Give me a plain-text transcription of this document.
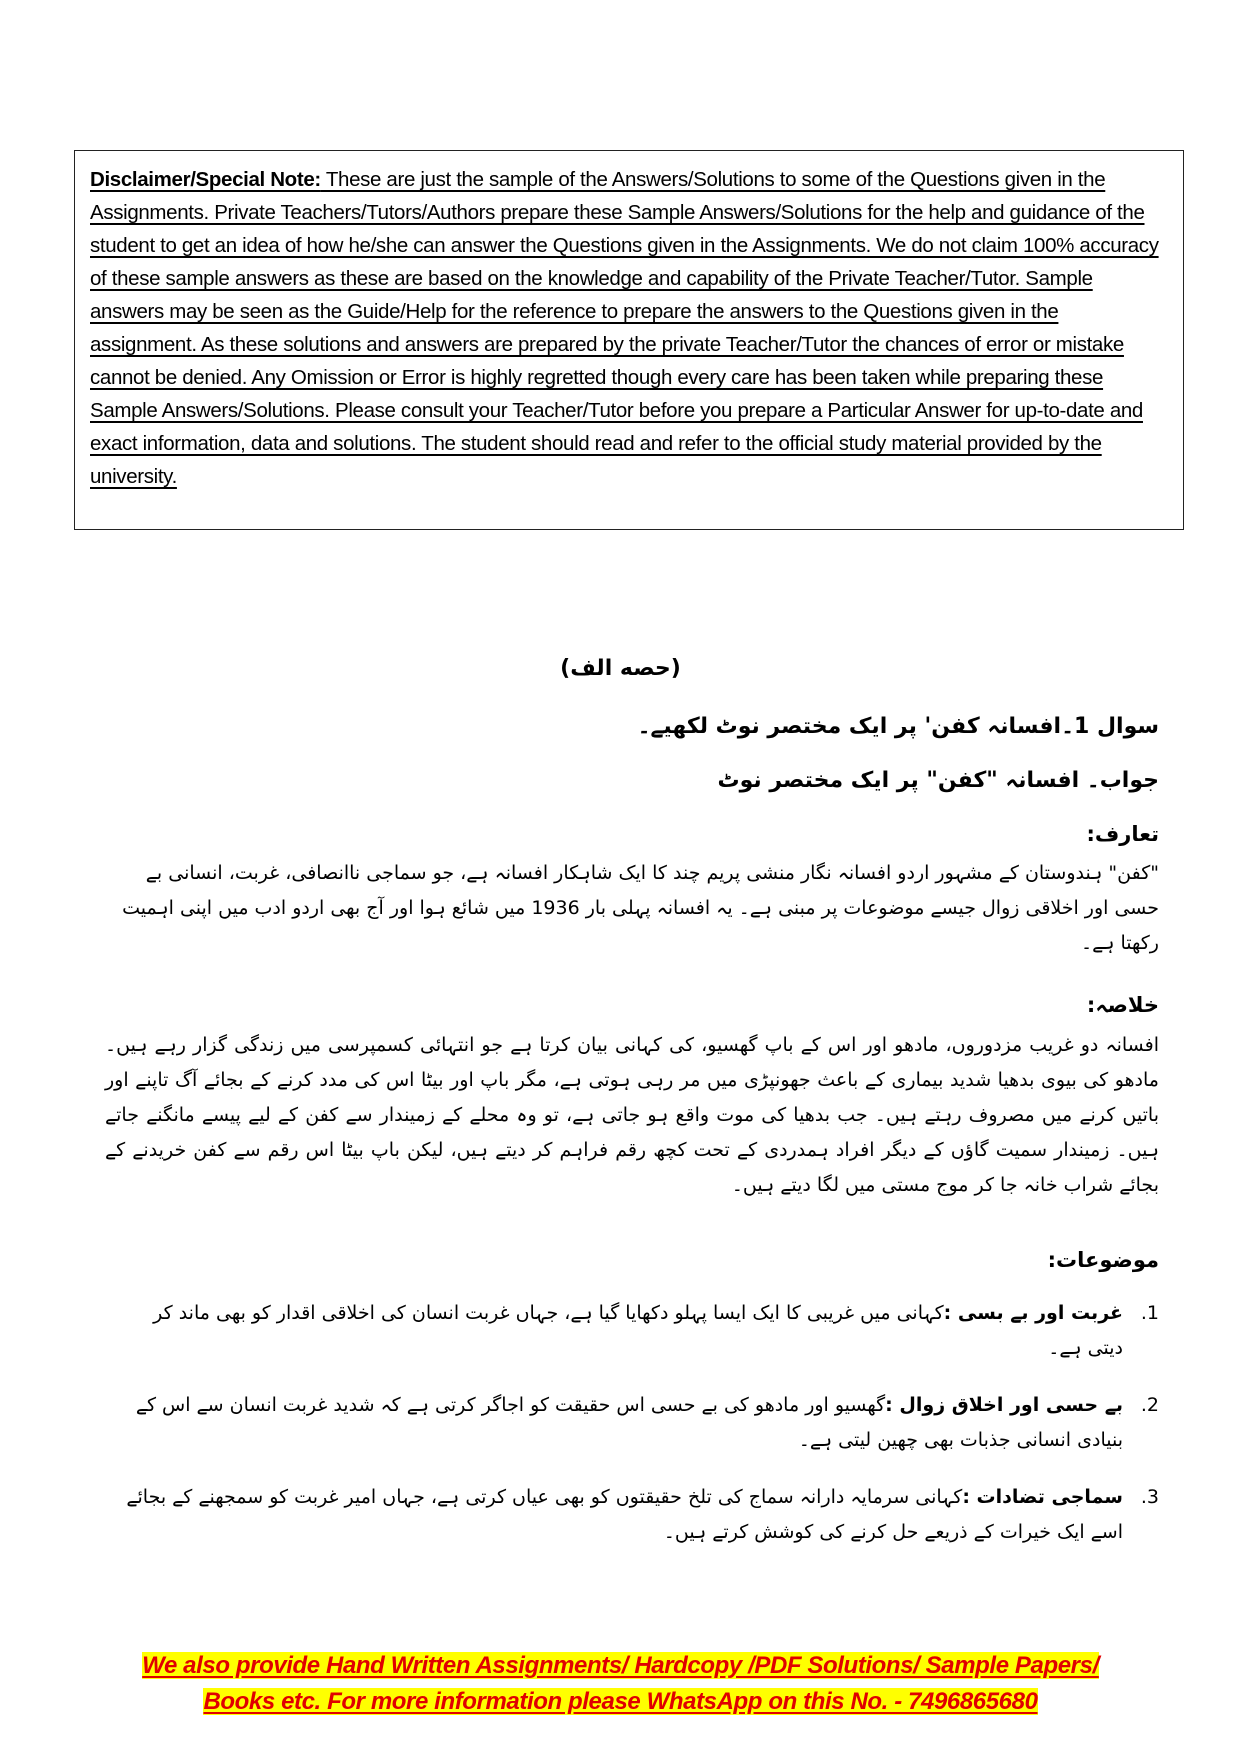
Disclaimer/Special Note: These are just the sample of the Answers/Solutions to some of the Questions given in the Assignments. Private Teachers/Tutors/Authors prepare these Sample Answers/Solutions for the help and guidance of the student to get an idea of how he/she can answer the Questions given in the Assignments. We do not claim 100% accuracy of these sample answers as these are based on the knowledge and capability of the Private Teacher/Tutor. Sample answers may be seen as the Guide/Help for the reference to prepare the answers to the Questions given in the assignment. As these solutions and answers are prepared by the private Teacher/Tutor the chances of error or mistake cannot be denied. Any Omission or Error is highly regretted though every care has been taken while preparing these Sample Answers/Solutions. Please consult your Teacher/Tutor before you prepare a Particular Answer for up-to-date and exact information, data and solutions. The student should read and refer to the official study material provided by the university.

(حصه الف)
سوال 1۔افسانہ کفن' پر ایک مختصر نوٹ لکھیے۔
جواب۔ افسانہ "کفن" پر ایک مختصر نوٹ
تعارف:
"کفن" ہندوستان کے مشہور اردو افسانہ نگار منشی پریم چند کا ایک شاہکار افسانہ ہے، جو سماجی ناانصافی، غربت، انسانی بے حسی اور اخلاقی زوال جیسے موضوعات پر مبنی ہے۔ یہ افسانہ پہلی بار 1936 میں شائع ہوا اور آج بھی اردو ادب میں اپنی اہمیت رکھتا ہے۔
خلاصہ:
افسانہ دو غریب مزدوروں، مادھو اور اس کے باپ گھسیو، کی کہانی بیان کرتا ہے جو انتہائی کسمپرسی میں زندگی گزار رہے ہیں۔ مادھو کی بیوی بدھیا شدید بیماری کے باعث جھونپڑی میں مر رہی ہوتی ہے، مگر باپ اور بیٹا اس کی مدد کرنے کے بجائے آگ تاپنے اور باتیں کرنے میں مصروف رہتے ہیں۔ جب بدھیا کی موت واقع ہو جاتی ہے، تو وہ محلے کے زمیندار سے کفن کے لیے پیسے مانگنے جاتے ہیں۔ زمیندار سمیت گاؤں کے دیگر افراد ہمدردی کے تحت کچھ رقم فراہم کر دیتے ہیں، لیکن باپ بیٹا اس رقم سے کفن خریدنے کے بجائے شراب خانہ جا کر موج مستی میں لگا دیتے ہیں۔
موضوعات:
1.
غربت اور بے بسی :کہانی میں غریبی کا ایک ایسا پہلو دکھایا گیا ہے، جہاں غربت انسان کی اخلاقی اقدار کو بھی ماند کر دیتی ہے۔
2.
بے حسی اور اخلاق زوال :گھسیو اور مادھو کی بے حسی اس حقیقت کو اجاگر کرتی ہے کہ شدید غربت انسان سے اس کے بنیادی انسانی جذبات بھی چھین لیتی ہے۔
3.
سماجی تضادات :کہانی سرمایہ دارانہ سماج کی تلخ حقیقتوں کو بھی عیاں کرتی ہے، جہاں امیر غربت کو سمجھنے کے بجائے اسے ایک خیرات کے ذریعے حل کرنے کی کوشش کرتے ہیں۔
We also provide Hand Written Assignments/ Hardcopy /PDF Solutions/ Sample Papers/
Books etc. For more information please WhatsApp on this No. - 7496865680
